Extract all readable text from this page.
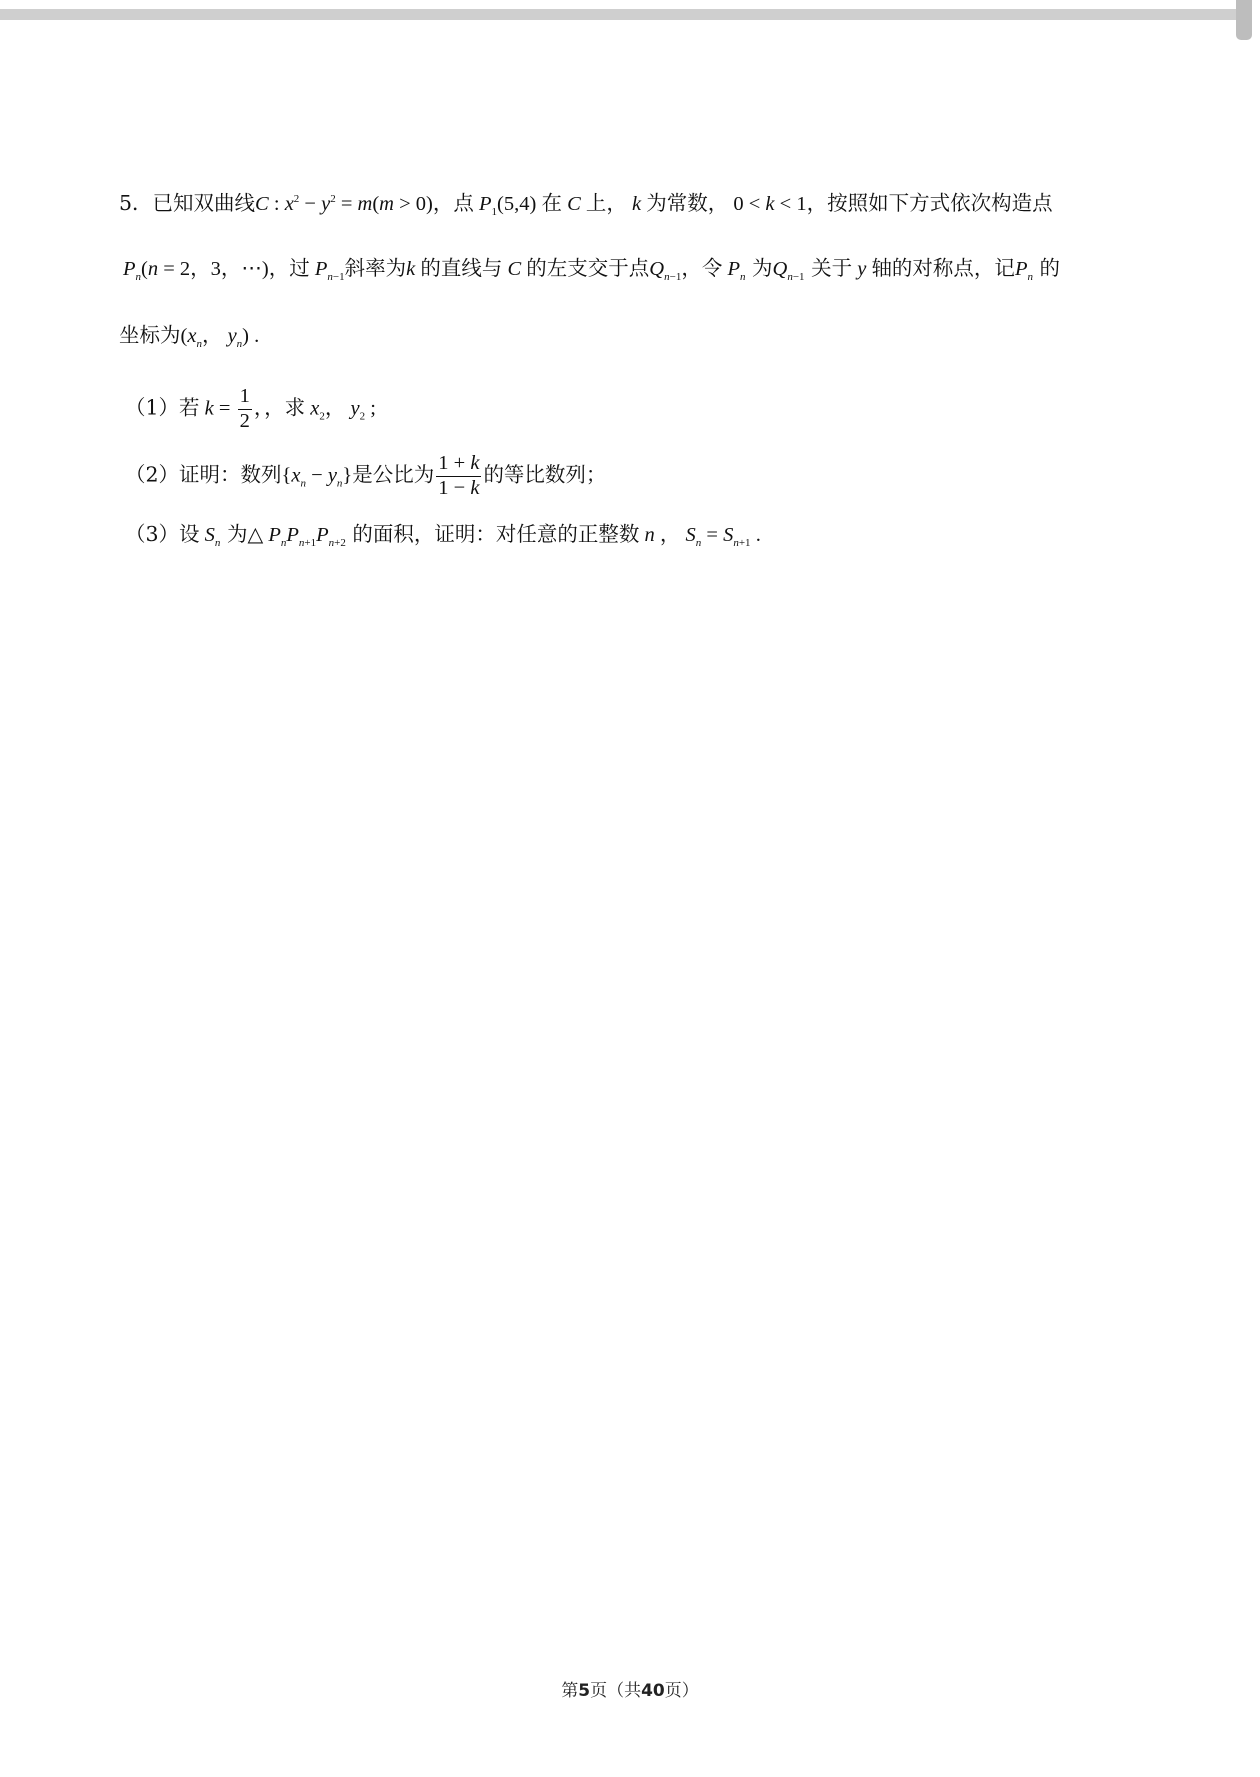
5．已知双曲线C : $x^2 - y^2 = m(m > 0)$，点 $P_1(5,4)$ 在 C 上， k 为常数， 0 < k < 1，按照如下方式依次构造点
$P_n(n = 2$，3，⋯)，过 $P_{n-1}$斜率为k 的直线与 C 的左支交于点$Q_{n-1}$，令 $P_n$ 为$Q_{n-1}$ 关于 y 轴的对称点，记$P_n$ 的
坐标为($x_n$， $y_n$) .
（1）若 $k = \frac{1}{2}$ ，，求 $x_2$， $y_2$ ;
（2）证明：数列$\{x_n - y_n\}$是公比为 $\frac{1 + k}{1 - k}$ 的等比数列；
（3）设 $S_n$ 为△ $P_nP_{n+1}P_{n+2}$ 的面积，证明：对任意的正整数 n ， $S_n = S_{n+1}$ .
第5页（共40页）
